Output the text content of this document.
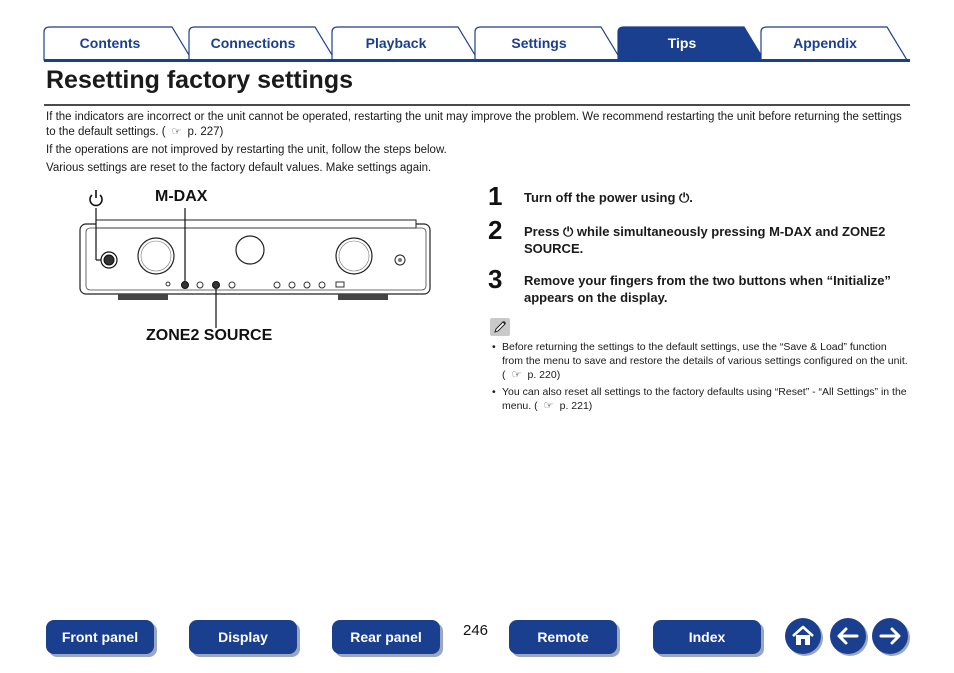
Contents	Connections	Playback	Settings	Tips	Appendix
Resetting factory settings

If the indicators are incorrect or the unit cannot be operated, restarting the unit may improve the problem. We recommend restarting the unit before returning the settings to the default settings. ( ☞ p. 227)

If the operations are not improved by restarting the unit, follow the steps below.

Various settings are reset to the factory default values. Make settings again.

M-DAX
ZONE2 SOURCE
1 Turn off the power using ⏻.
2 Press ⏻ while simultaneously pressing M-DAX and ZONE2 SOURCE.
3 Remove your fingers from the two buttons when “Initialize” appears on the display.
• Before returning the settings to the default settings, use the “Save & Load” function from the menu to save and restore the details of various settings configured on the unit. ( ☞ p. 220)
• You can also reset all settings to the factory defaults using “Reset” - “All Settings” in the menu. ( ☞ p. 221)
Front panel	Display	Rear panel	246	Remote	Index
